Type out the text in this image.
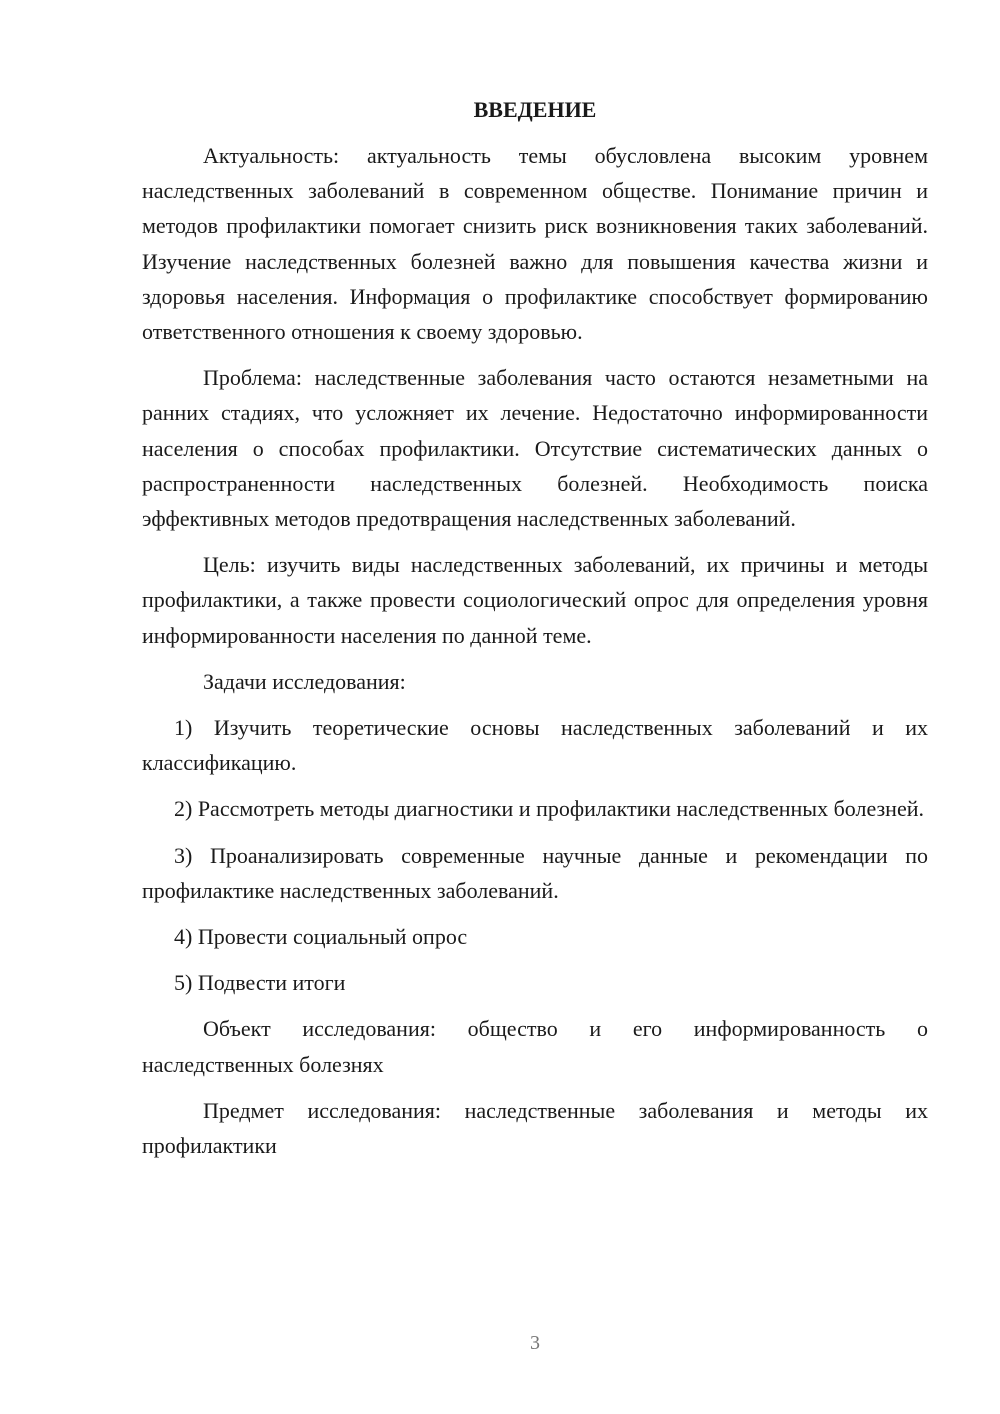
ВВЕДЕНИЕ

Актуальность: актуальность темы обусловлена высоким уровнем наследственных заболеваний в современном обществе. Понимание причин и методов профилактики помогает снизить риск возникновения таких заболеваний. Изучение наследственных болезней важно для повышения качества жизни и здоровья населения. Информация о профилактике способствует формированию ответственного отношения к своему здоровью.

Проблема: наследственные заболевания часто остаются незаметными на ранних стадиях, что усложняет их лечение. Недостаточно информированности населения о способах профилактики. Отсутствие систематических данных о распространенности наследственных болезней. Необходимость поиска эффективных методов предотвращения наследственных заболеваний.

Цель: изучить виды наследственных заболеваний, их причины и методы профилактики, а также провести социологический опрос для определения уровня информированности населения по данной теме.

Задачи исследования:

1) Изучить теоретические основы наследственных заболеваний и их классификацию.

2) Рассмотреть методы диагностики и профилактики наследственных болезней.

3) Проанализировать современные научные данные и рекомендации по профилактике наследственных заболеваний.

4) Провести социальный опрос

5) Подвести итоги

Объект исследования: общество и его информированность о наследственных болезнях

Предмет исследования: наследственные заболевания и методы их профилактики

3
